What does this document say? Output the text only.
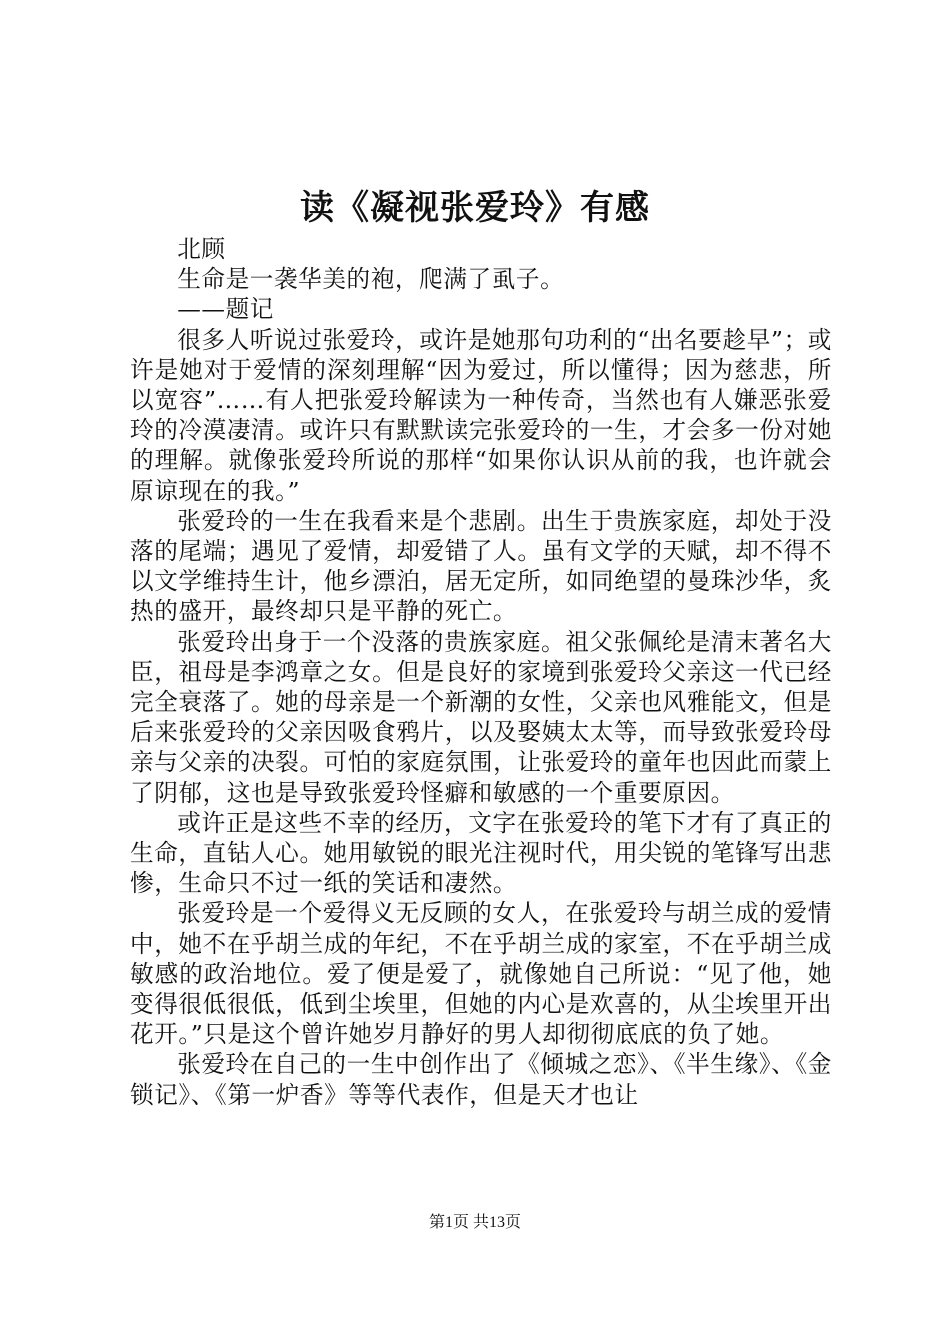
读《凝视张爱玲》有感

北顾

生命是一袭华美的袍，爬满了虱子。

——题记

很多人听说过张爱玲，或许是她那句功利的“出名要趁早”；或许是她对于爱情的深刻理解“因为爱过，所以懂得；因为慈悲，所以宽容”……有人把张爱玲解读为一种传奇，当然也有人嫌恶张爱玲的冷漠凄清。或许只有默默读完张爱玲的一生，才会多一份对她的理解。就像张爱玲所说的那样“如果你认识从前的我，也许就会原谅现在的我。”

张爱玲的一生在我看来是个悲剧。出生于贵族家庭，却处于没落的尾端；遇见了爱情，却爱错了人。虽有文学的天赋，却不得不以文学维持生计，他乡漂泊，居无定所，如同绝望的曼珠沙华，炙热的盛开，最终却只是平静的死亡。

张爱玲出身于一个没落的贵族家庭。祖父张佩纶是清末著名大臣，祖母是李鸿章之女。但是良好的家境到张爱玲父亲这一代已经完全衰落了。她的母亲是一个新潮的女性，父亲也风雅能文，但是后来张爱玲的父亲因吸食鸦片，以及娶姨太太等，而导致张爱玲母亲与父亲的决裂。可怕的家庭氛围，让张爱玲的童年也因此而蒙上了阴郁，这也是导致张爱玲怪癖和敏感的一个重要原因。

或许正是这些不幸的经历，文字在张爱玲的笔下才有了真正的生命，直钻人心。她用敏锐的眼光注视时代，用尖锐的笔锋写出悲惨，生命只不过一纸的笑话和凄然。

张爱玲是一个爱得义无反顾的女人，在张爱玲与胡兰成的爱情中，她不在乎胡兰成的年纪，不在乎胡兰成的家室，不在乎胡兰成敏感的政治地位。爱了便是爱了，就像她自己所说：“见了他，她变得很低很低，低到尘埃里，但她的内心是欢喜的，从尘埃里开出花开。”只是这个曾许她岁月静好的男人却彻彻底底的负了她。

张爱玲在自己的一生中创作出了《倾城之恋》、《半生缘》、《金锁记》、《第一炉香》等等代表作，但是天才也让

第1页 共13页
